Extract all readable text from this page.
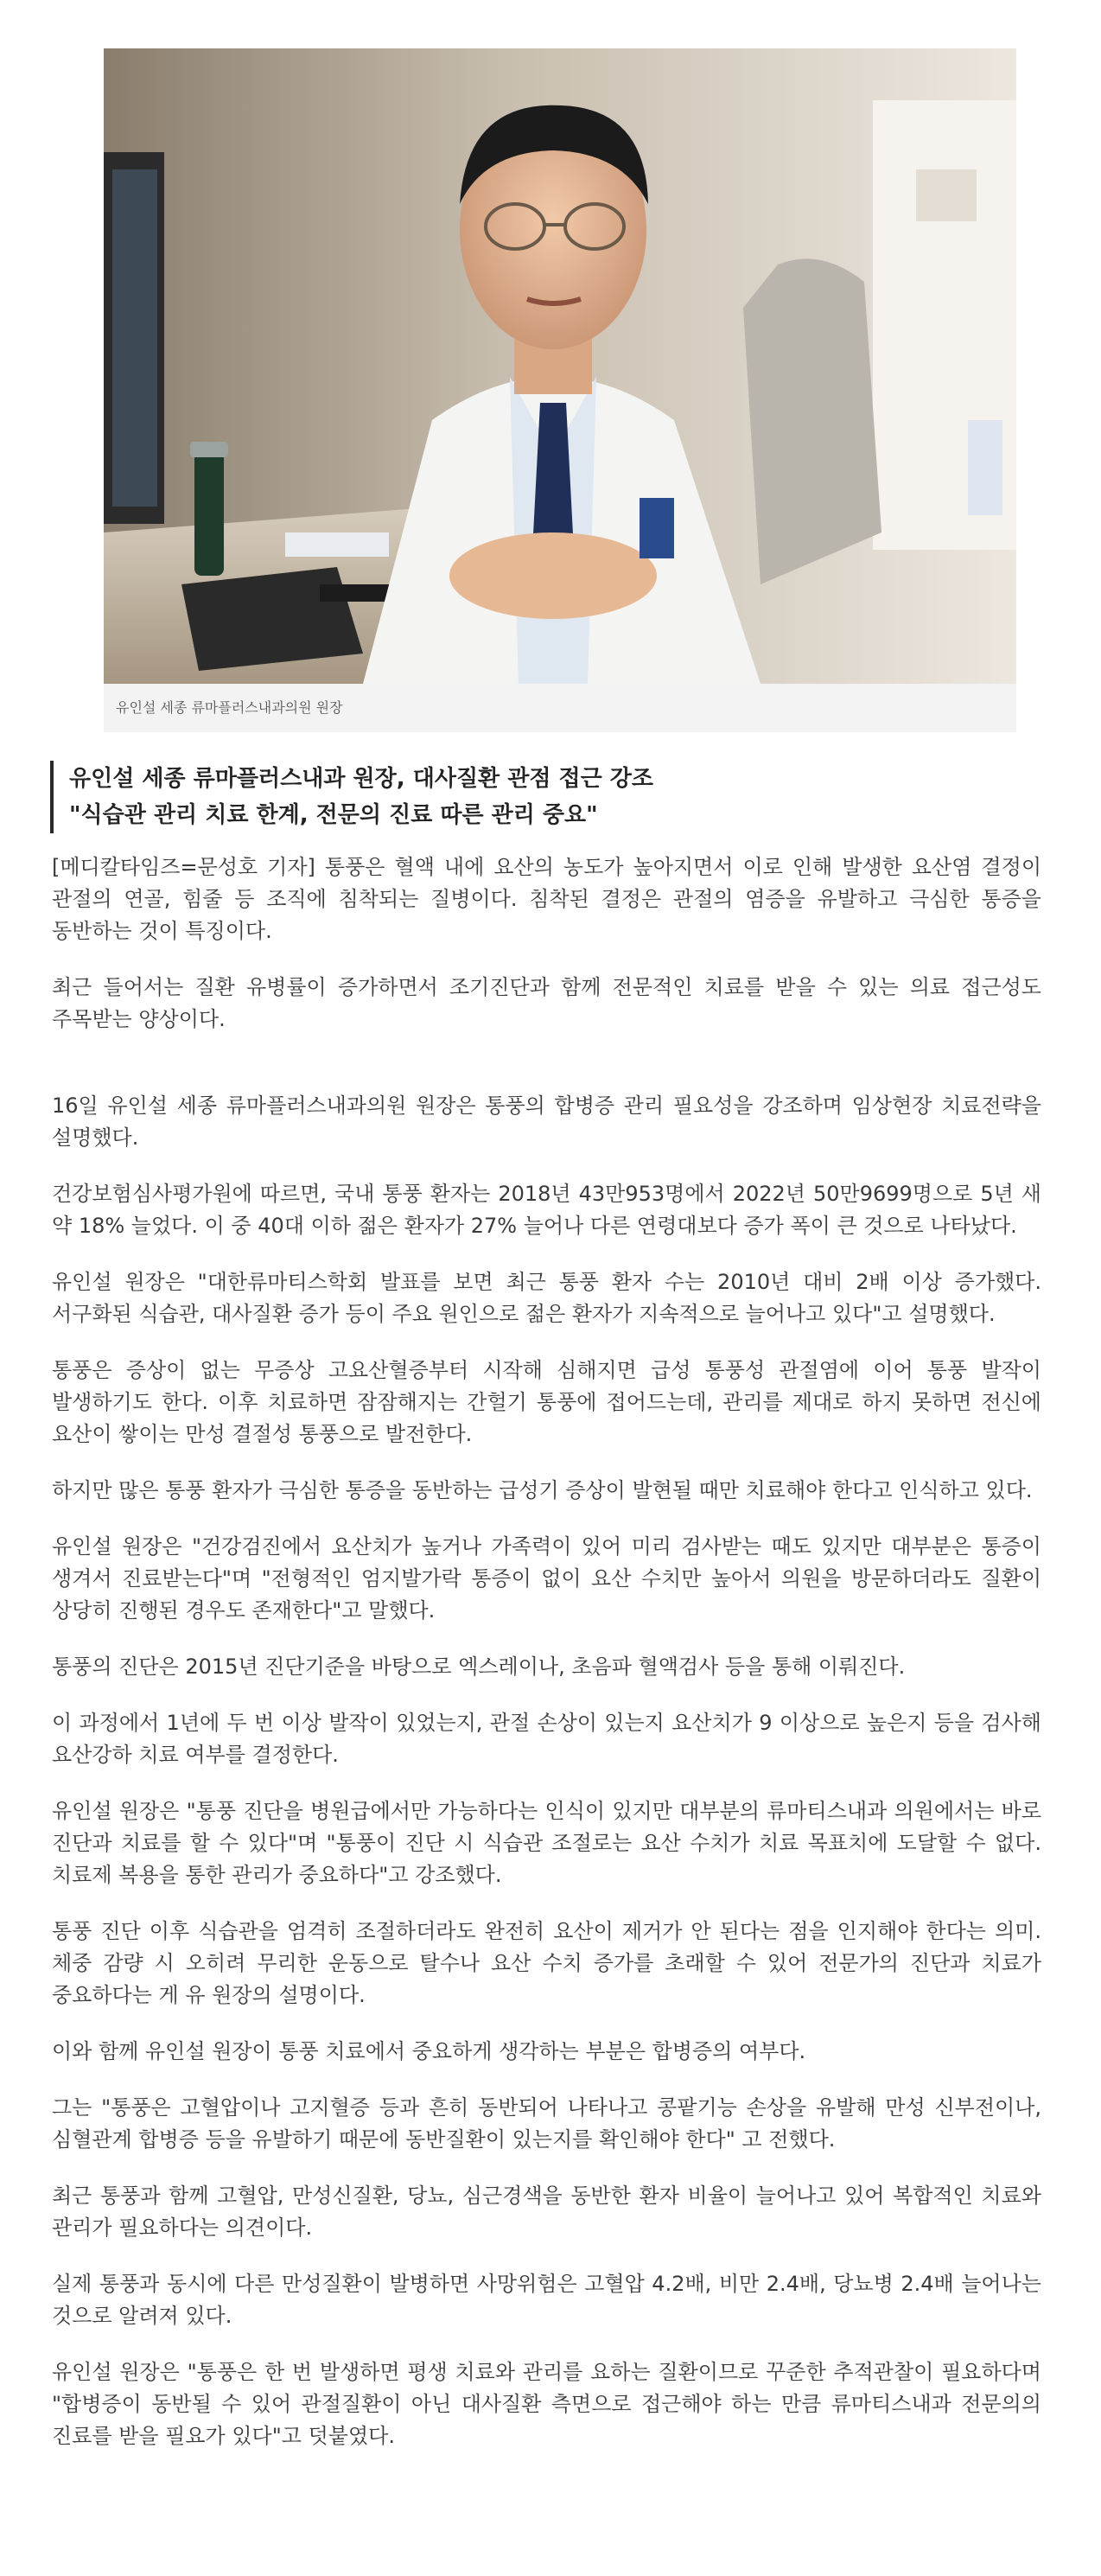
유인설 세종 류마플러스내과의원 원장

유인설 세종 류마플러스내과 원장, 대사질환 관점 접근 강조

"식습관 관리 치료 한계, 전문의 진료 따른 관리 중요"

[메디칼타임즈=문성호 기자] 통풍은 혈액 내에 요산의 농도가 높아지면서 이로 인해 발생한 요산염 결정이 관절의 연골, 힘줄 등 조직에 침착되는 질병이다. 침착된 결정은 관절의 염증을 유발하고 극심한 통증을 동반하는 것이 특징이다.

최근 들어서는 질환 유병률이 증가하면서 조기진단과 함께 전문적인 치료를 받을 수 있는 의료 접근성도 주목받는 양상이다.

16일 유인설 세종 류마플러스내과의원 원장은 통풍의 합병증 관리 필요성을 강조하며 임상현장 치료전략을 설명했다.

건강보험심사평가원에 따르면, 국내 통풍 환자는 2018년 43만953명에서 2022년 50만9699명으로 5년 새 약 18% 늘었다. 이 중 40대 이하 젊은 환자가 27% 늘어나 다른 연령대보다 증가 폭이 큰 것으로 나타났다.

유인설 원장은 "대한류마티스학회 발표를 보면 최근 통풍 환자 수는 2010년 대비 2배 이상 증가했다. 서구화된 식습관, 대사질환 증가 등이 주요 원인으로 젊은 환자가 지속적으로 늘어나고 있다"고 설명했다.

통풍은 증상이 없는 무증상 고요산혈증부터 시작해 심해지면 급성 통풍성 관절염에 이어 통풍 발작이 발생하기도 한다. 이후 치료하면 잠잠해지는 간헐기 통풍에 접어드는데, 관리를 제대로 하지 못하면 전신에 요산이 쌓이는 만성 결절성 통풍으로 발전한다.

하지만 많은 통풍 환자가 극심한 통증을 동반하는 급성기 증상이 발현될 때만 치료해야 한다고 인식하고 있다.

유인설 원장은 "건강검진에서 요산치가 높거나 가족력이 있어 미리 검사받는 때도 있지만 대부분은 통증이 생겨서 진료받는다"며 "전형적인 엄지발가락 통증이 없이 요산 수치만 높아서 의원을 방문하더라도 질환이 상당히 진행된 경우도 존재한다"고 말했다.

통풍의 진단은 2015년 진단기준을 바탕으로 엑스레이나, 초음파 혈액검사 등을 통해 이뤄진다.

이 과정에서 1년에 두 번 이상 발작이 있었는지, 관절 손상이 있는지 요산치가 9 이상으로 높은지 등을 검사해 요산강하 치료 여부를 결정한다.

유인설 원장은 "통풍 진단을 병원급에서만 가능하다는 인식이 있지만 대부분의 류마티스내과 의원에서는 바로 진단과 치료를 할 수 있다"며 "통풍이 진단 시 식습관 조절로는 요산 수치가 치료 목표치에 도달할 수 없다. 치료제 복용을 통한 관리가 중요하다"고 강조했다.

통풍 진단 이후 식습관을 엄격히 조절하더라도 완전히 요산이 제거가 안 된다는 점을 인지해야 한다는 의미. 체중 감량 시 오히려 무리한 운동으로 탈수나 요산 수치 증가를 초래할 수 있어 전문가의 진단과 치료가 중요하다는 게 유 원장의 설명이다.

이와 함께 유인설 원장이 통풍 치료에서 중요하게 생각하는 부분은 합병증의 여부다.

그는 "통풍은 고혈압이나 고지혈증 등과 흔히 동반되어 나타나고 콩팥기능 손상을 유발해 만성 신부전이나, 심혈관계 합병증 등을 유발하기 때문에 동반질환이 있는지를 확인해야 한다" 고 전했다.

최근 통풍과 함께 고혈압, 만성신질환, 당뇨, 심근경색을 동반한 환자 비율이 늘어나고 있어 복합적인 치료와 관리가 필요하다는 의견이다.

실제 통풍과 동시에 다른 만성질환이 발병하면 사망위험은 고혈압 4.2배, 비만 2.4배, 당뇨병 2.4배 늘어나는 것으로 알려져 있다.

유인설 원장은 "통풍은 한 번 발생하면 평생 치료와 관리를 요하는 질환이므로 꾸준한 추적관찰이 필요하다며 "합병증이 동반될 수 있어 관절질환이 아닌 대사질환 측면으로 접근해야 하는 만큼 류마티스내과 전문의의 진료를 받을 필요가 있다"고 덧붙였다.
